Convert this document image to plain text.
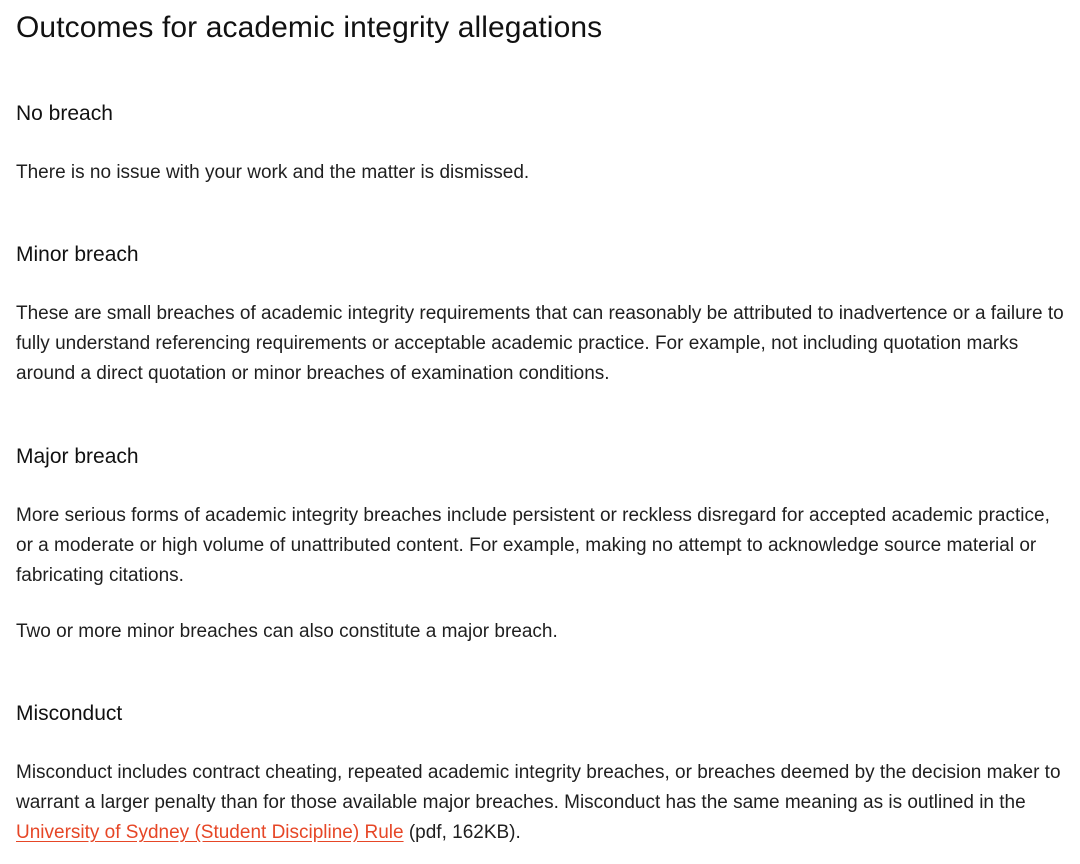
Outcomes for academic integrity allegations
No breach

There is no issue with your work and the matter is dismissed.

Minor breach

These are small breaches of academic integrity requirements that can reasonably be attributed to inadvertence or a failure to fully understand referencing requirements or acceptable academic practice. For example, not including quotation marks around a direct quotation or minor breaches of examination conditions.

Major breach

More serious forms of academic integrity breaches include persistent or reckless disregard for accepted academic practice, or a moderate or high volume of unattributed content. For example, making no attempt to acknowledge source material or fabricating citations.

Two or more minor breaches can also constitute a major breach.

Misconduct

Misconduct includes contract cheating, repeated academic integrity breaches, or breaches deemed by the decision maker to warrant a larger penalty than for those available major breaches. Misconduct has the same meaning as is outlined in the University of Sydney (Student Discipline) Rule (pdf, 162KB).
